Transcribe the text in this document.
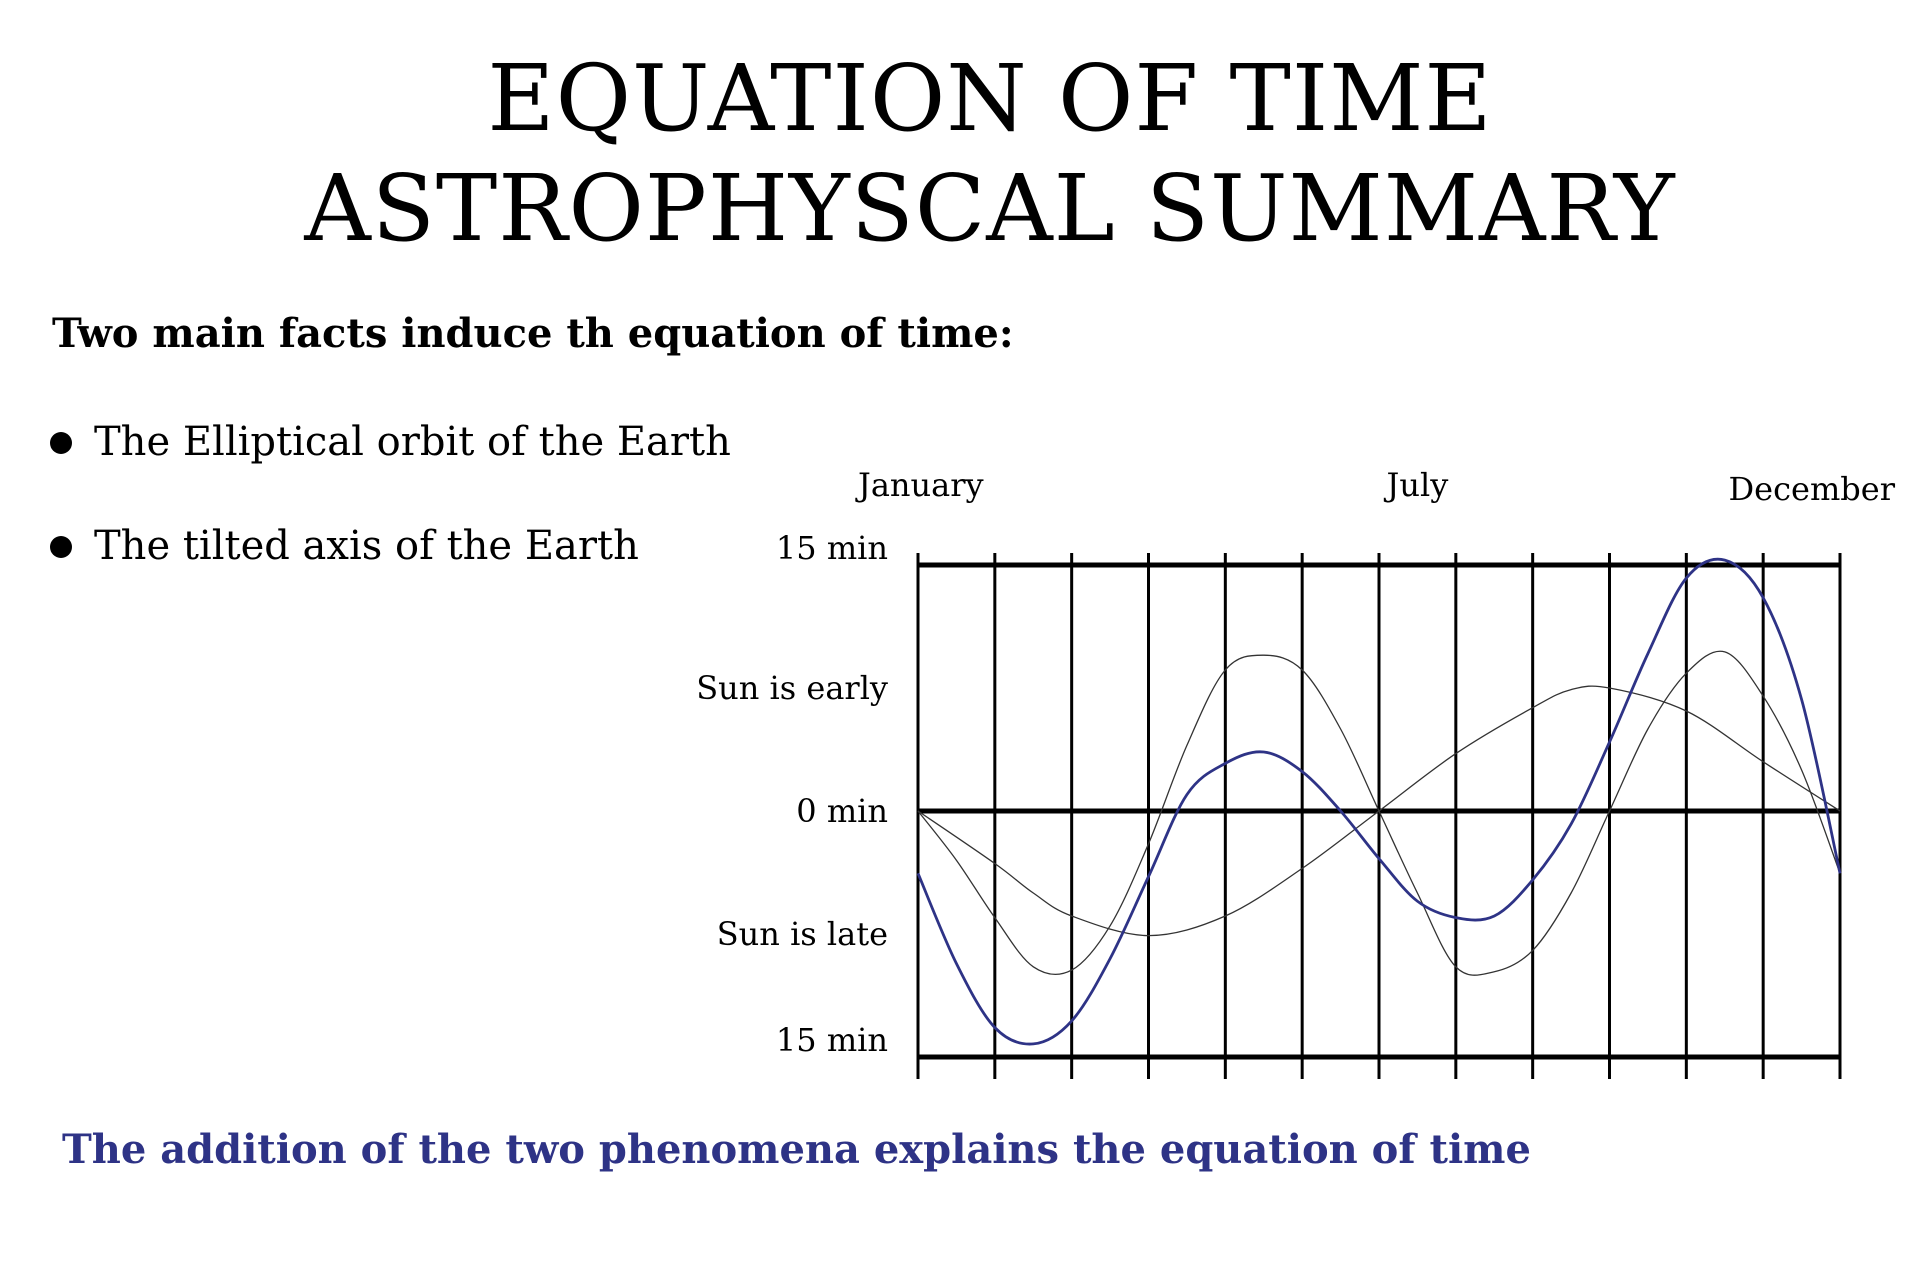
EQUATION OF TIME
ASTROPHYSCAL SUMMARY

Two main facts induce th equation of time:

The Elliptical orbit of the Earth
The tilted axis of the Earth	15 min
Sun is early
0 min
Sun is late
15 min
January	July	December

The addition of the two phenomena explains the equation of time
